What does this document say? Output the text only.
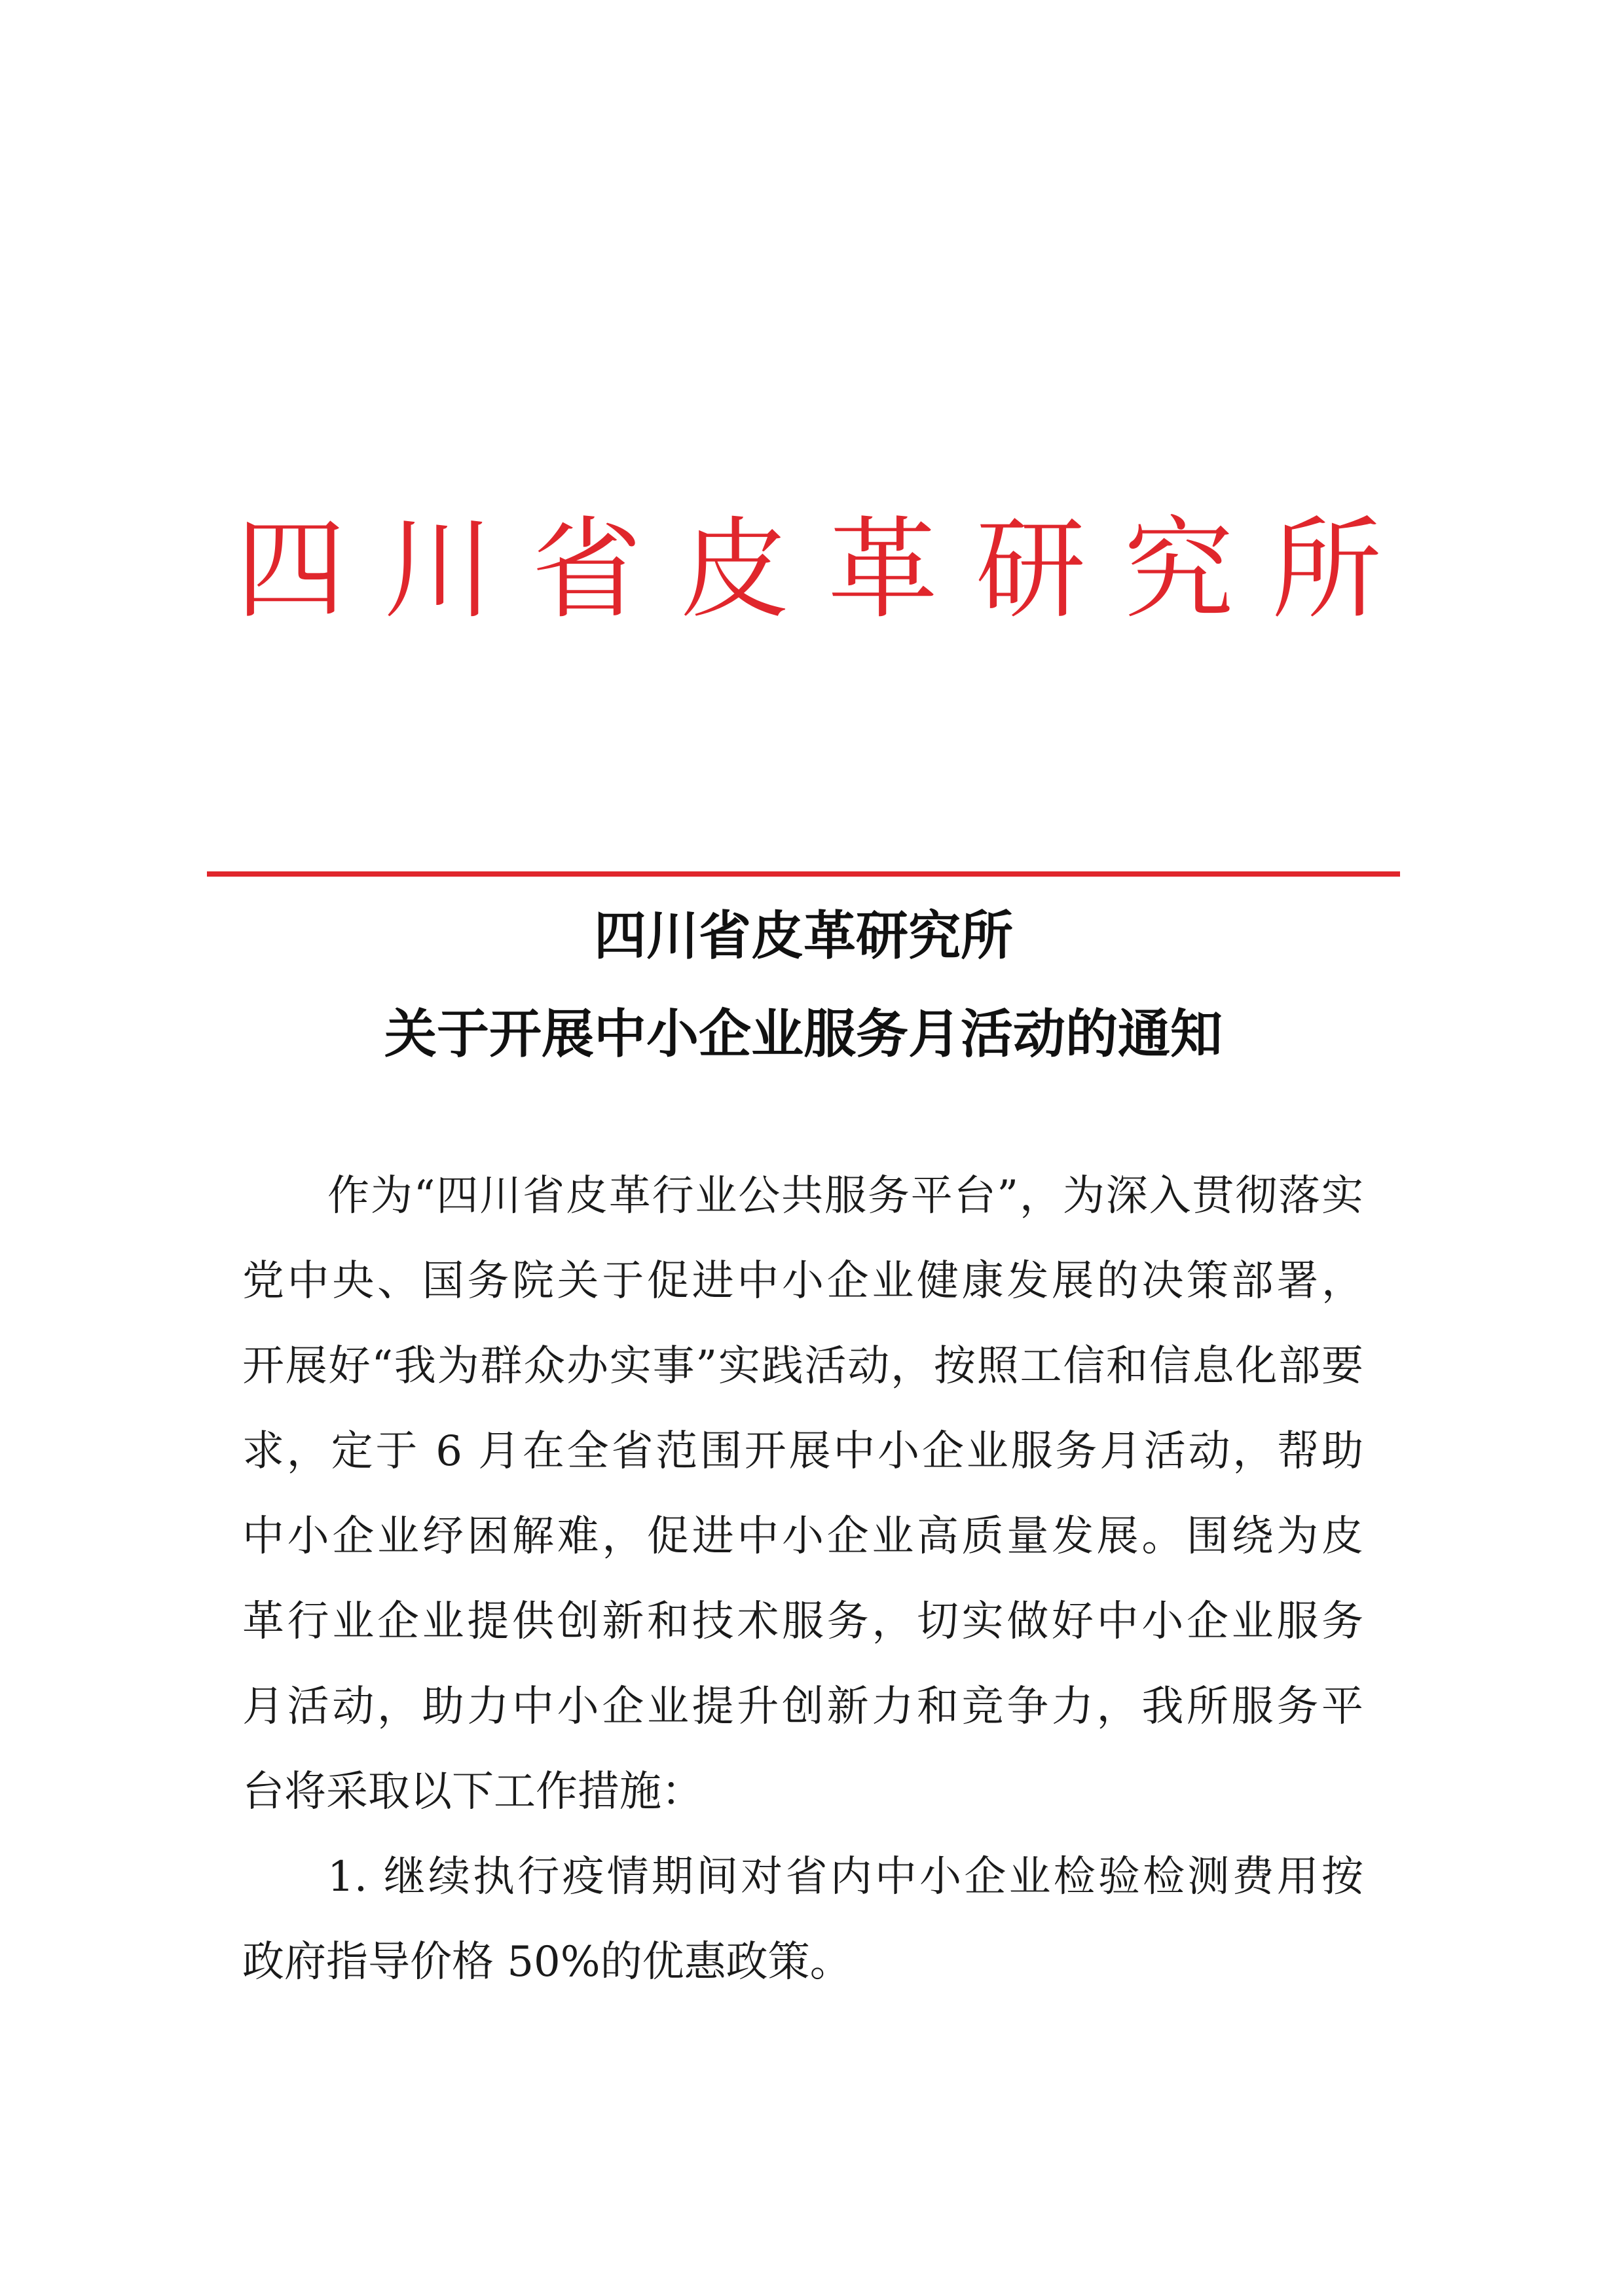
四 川 省 皮 革 研 究 所
四川省皮革研究所
关于开展中小企业服务月活动的通知
作为“四川省皮革行业公共服务平台”，为深入贯彻落实
党中央、国务院关于促进中小企业健康发展的决策部署，
开展好“我为群众办实事”实践活动，按照工信和信息化部要
求，定于 6 月在全省范围开展中小企业服务月活动，帮助
中小企业纾困解难，促进中小企业高质量发展。围绕为皮
革行业企业提供创新和技术服务，切实做好中小企业服务
月活动，助力中小企业提升创新力和竞争力，我所服务平
台将采取以下工作措施：
1. 继续执行疫情期间对省内中小企业检验检测费用按
政府指导价格 50%的优惠政策。
